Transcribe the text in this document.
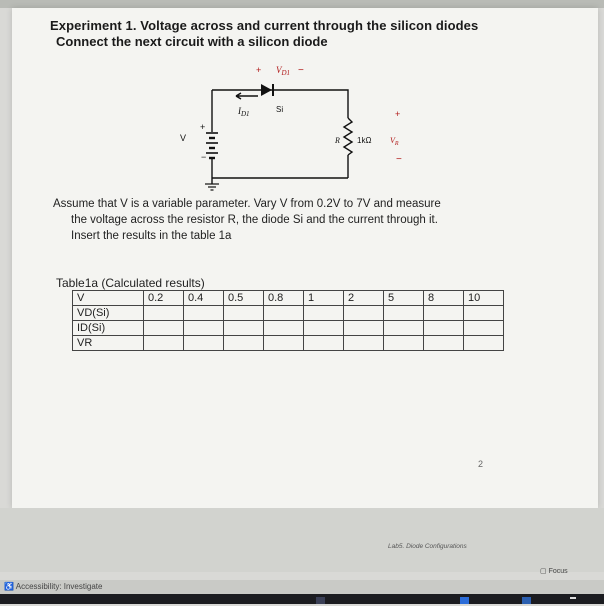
Experiment 1. Voltage across and current through the silicon diodes
Connect the next circuit with a silicon diode
+ $V_{D1}$ −
$I_{D1}$	Si
+
−
V	R 1kΩ
+
$V_R$
−
Assume that V is a variable parameter. Vary V from 0.2V to 7V and measure
the voltage across the resistor R, the diode Si and the current through it.
Insert the results in the table 1a
Table1a (Calculated results)
V	0.2	0.4	0.5	0.8	1	2	5	8	10
VD(Si)									
ID(Si)									
VR									
2
Lab5. Diode Configurations
▢ Focus
♿ Accessibility: Investigate
